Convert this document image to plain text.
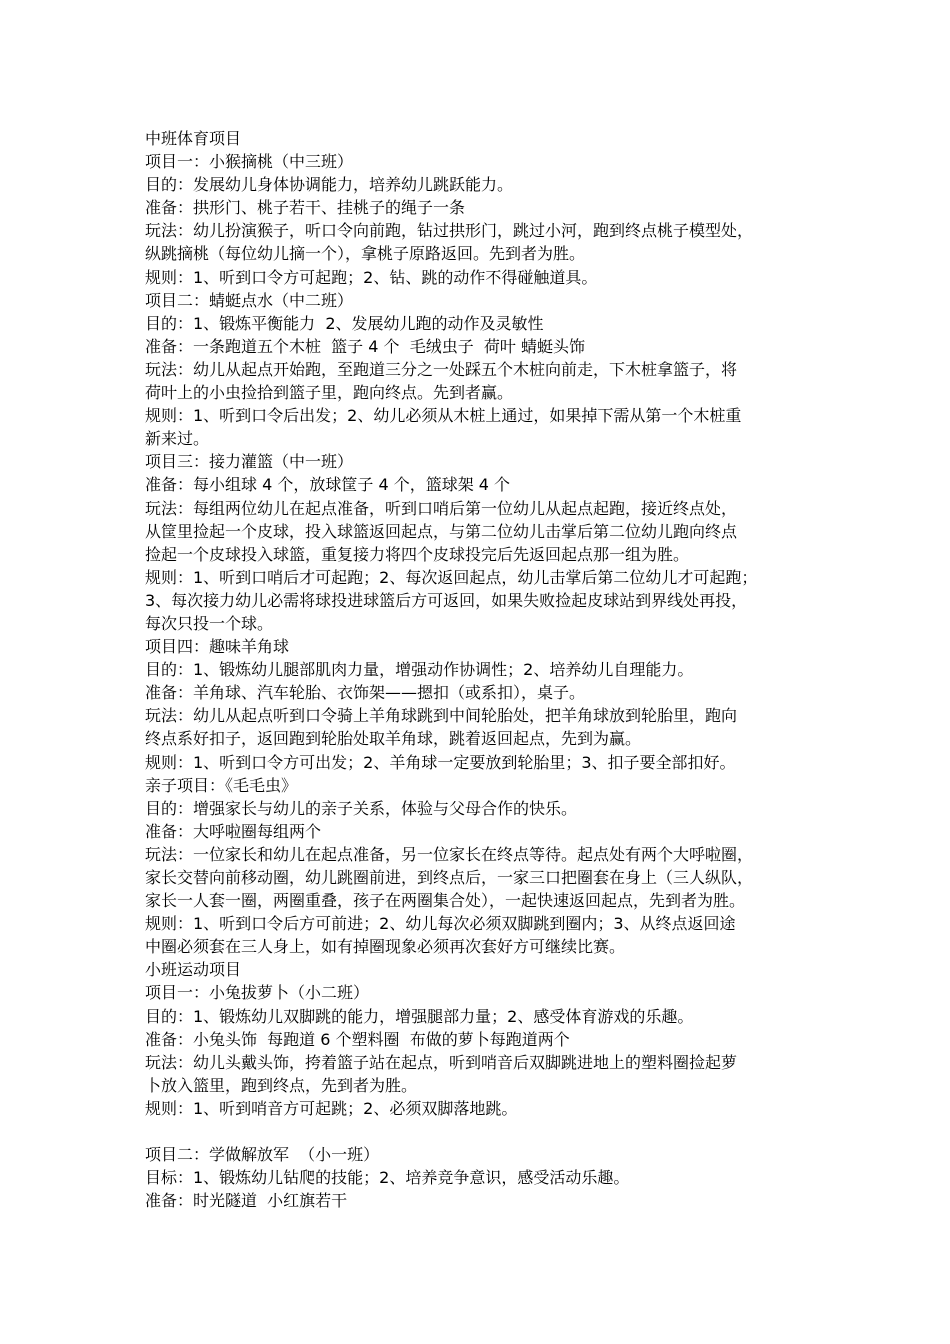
中班体育项目

项目一：小猴摘桃（中三班）

目的：发展幼儿身体协调能力，培养幼儿跳跃能力。

准备：拱形门、桃子若干、挂桃子的绳子一条

玩法：幼儿扮演猴子，听口令向前跑，钻过拱形门，跳过小河，跑到终点桃子模型处，

纵跳摘桃（每位幼儿摘一个），拿桃子原路返回。先到者为胜。

规则：1、听到口令方可起跑；2、钻、跳的动作不得碰触道具。

项目二：蜻蜓点水（中二班）

目的：1、锻炼平衡能力  2、发展幼儿跑的动作及灵敏性

准备：一条跑道五个木桩  篮子 4 个  毛绒虫子  荷叶 蜻蜓头饰

玩法：幼儿从起点开始跑，至跑道三分之一处踩五个木桩向前走，下木桩拿篮子，将

荷叶上的小虫捡拾到篮子里，跑向终点。先到者赢。

规则：1、听到口令后出发；2、幼儿必须从木桩上通过，如果掉下需从第一个木桩重

新来过。

项目三：接力灌篮（中一班）

准备：每小组球 4 个，放球筐子 4 个，篮球架 4 个

玩法：每组两位幼儿在起点准备，听到口哨后第一位幼儿从起点起跑，接近终点处，

从筐里捡起一个皮球，投入球篮返回起点，与第二位幼儿击掌后第二位幼儿跑向终点

捡起一个皮球投入球篮，重复接力将四个皮球投完后先返回起点那一组为胜。

规则：1、听到口哨后才可起跑；2、每次返回起点，幼儿击掌后第二位幼儿才可起跑；

3、每次接力幼儿必需将球投进球篮后方可返回，如果失败捡起皮球站到界线处再投，

每次只投一个球。

项目四：趣味羊角球

目的：1、锻炼幼儿腿部肌肉力量，增强动作协调性；2、培养幼儿自理能力。

准备：羊角球、汽车轮胎、衣饰架——摁扣（或系扣），桌子。

玩法：幼儿从起点听到口令骑上羊角球跳到中间轮胎处，把羊角球放到轮胎里，跑向

终点系好扣子，返回跑到轮胎处取羊角球，跳着返回起点，先到为赢。

规则：1、听到口令方可出发；2、羊角球一定要放到轮胎里；3、扣子要全部扣好。

亲子项目：《毛毛虫》

目的：增强家长与幼儿的亲子关系，体验与父母合作的快乐。

准备：大呼啦圈每组两个

玩法：一位家长和幼儿在起点准备，另一位家长在终点等待。起点处有两个大呼啦圈，

家长交替向前移动圈，幼儿跳圈前进，到终点后，一家三口把圈套在身上（三人纵队，

家长一人套一圈，两圈重叠，孩子在两圈集合处），一起快速返回起点，先到者为胜。

规则：1、听到口令后方可前进；2、幼儿每次必须双脚跳到圈内；3、从终点返回途

中圈必须套在三人身上，如有掉圈现象必须再次套好方可继续比赛。

小班运动项目

项目一：小兔拔萝卜（小二班）

目的：1、锻炼幼儿双脚跳的能力，增强腿部力量；2、感受体育游戏的乐趣。

准备：小兔头饰  每跑道 6 个塑料圈  布做的萝卜每跑道两个

玩法：幼儿头戴头饰，挎着篮子站在起点，听到哨音后双脚跳进地上的塑料圈捡起萝

卜放入篮里，跑到终点，先到者为胜。

规则：1、听到哨音方可起跳；2、必须双脚落地跳。

项目二：学做解放军  （小一班）

目标：1、锻炼幼儿钻爬的技能；2、培养竞争意识，感受活动乐趣。

准备：时光隧道  小红旗若干
